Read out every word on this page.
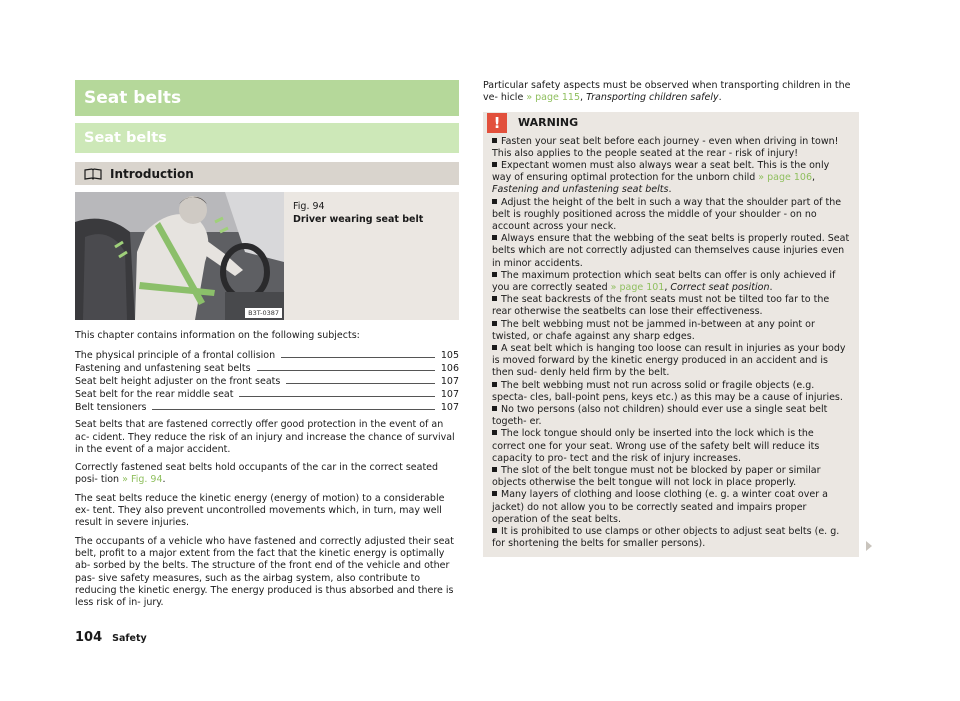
Seat belts
Seat belts
Introduction
B3T-0387
Fig. 94
Driver wearing seat belt

This chapter contains information on the following subjects:

The physical principle of a frontal collision	105
Fastening and unfastening seat belts	106
Seat belt height adjuster on the front seats	107
Seat belt for the rear middle seat	107
Belt tensioners	107

Seat belts that are fastened correctly offer good protection in the event of an ac- cident. They reduce the risk of an injury and increase the chance of survival in the event of a major accident.

Correctly fastened seat belts hold occupants of the car in the correct seated posi- tion » Fig. 94.

The seat belts reduce the kinetic energy (energy of motion) to a considerable ex- tent. They also prevent uncontrolled movements which, in turn, may well result in severe injuries.

The occupants of a vehicle who have fastened and correctly adjusted their seat belt, profit to a major extent from the fact that the kinetic energy is optimally ab- sorbed by the belts. The structure of the front end of the vehicle and other pas- sive safety measures, such as the airbag system, also contribute to reducing the kinetic energy. The energy produced is thus absorbed and there is less risk of in- jury.

Particular safety aspects must be observed when transporting children in the ve- hicle » page 115, Transporting children safely.

!	WARNING

Fasten your seat belt before each journey - even when driving in town! This also applies to the people seated at the rear - risk of injury!

Expectant women must also always wear a seat belt. This is the only way of ensuring optimal protection for the unborn child » page 106, Fastening and unfastening seat belts.

Adjust the height of the belt in such a way that the shoulder part of the belt is roughly positioned across the middle of your shoulder - on no account across your neck.

Always ensure that the webbing of the seat belts is properly routed. Seat belts which are not correctly adjusted can themselves cause injuries even in minor accidents.

The maximum protection which seat belts can offer is only achieved if you are correctly seated » page 101, Correct seat position.

The seat backrests of the front seats must not be tilted too far to the rear otherwise the seatbelts can lose their effectiveness.

The belt webbing must not be jammed in-between at any point or twisted, or chafe against any sharp edges.

A seat belt which is hanging too loose can result in injuries as your body is moved forward by the kinetic energy produced in an accident and is then sud- denly held firm by the belt.

The belt webbing must not run across solid or fragile objects (e.g. specta- cles, ball-point pens, keys etc.) as this may be a cause of injuries.

No two persons (also not children) should ever use a single seat belt togeth- er.

The lock tongue should only be inserted into the lock which is the correct one for your seat. Wrong use of the safety belt will reduce its capacity to pro- tect and the risk of injury increases.

The slot of the belt tongue must not be blocked by paper or similar objects otherwise the belt tongue will not lock in place properly.

Many layers of clothing and loose clothing (e. g. a winter coat over a jacket) do not allow you to be correctly seated and impairs proper operation of the seat belts.

It is prohibited to use clamps or other objects to adjust seat belts (e. g. for shortening the belts for smaller persons).

104 Safety
